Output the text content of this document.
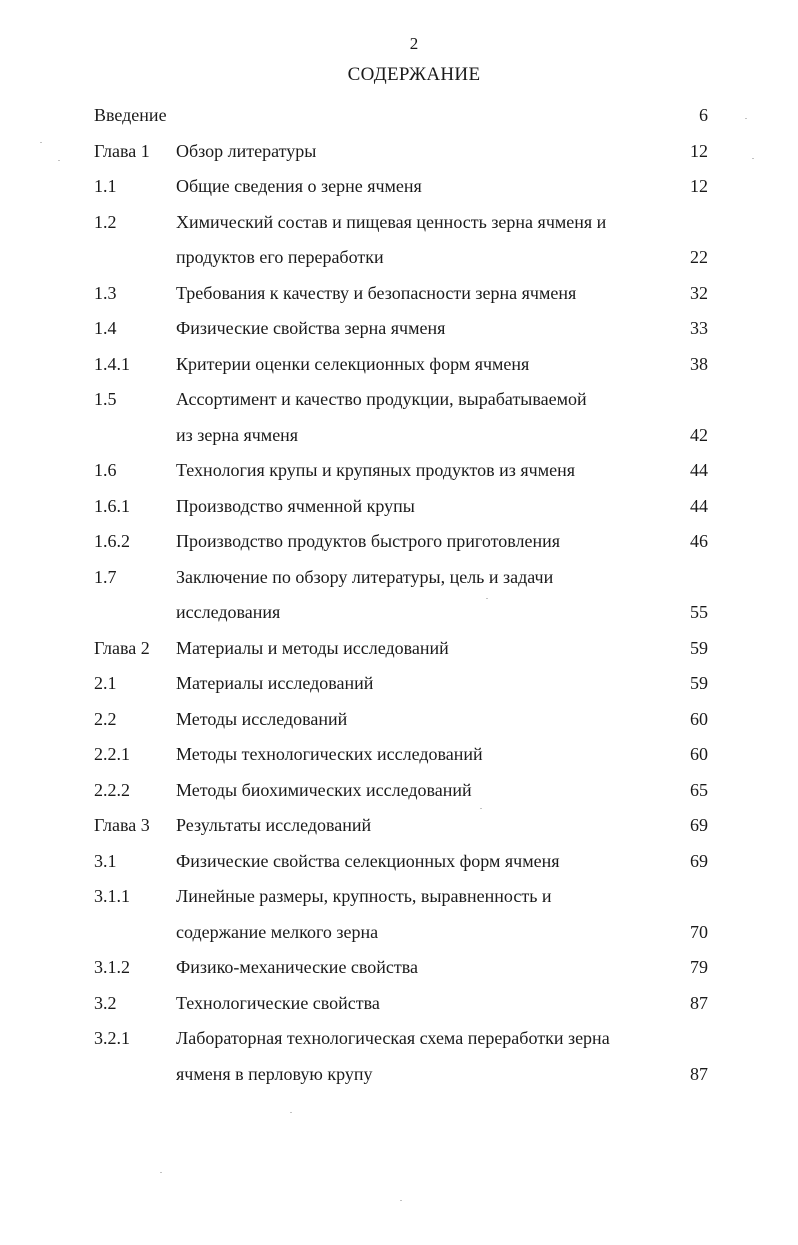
2
СОДЕРЖАНИЕ
Введение	6
Глава 1 Обзор литературы	12
1.1	Общие сведения о зерне ячменя	12
1.2	Химический состав и пищевая ценность зерна ячменя и
продуктов его переработки	22
1.3	Требования к качеству и безопасности зерна ячменя	32
1.4	Физические свойства зерна ячменя	33
1.4.1	Критерии оценки селекционных форм ячменя	38
1.5	Ассортимент и качество продукции, вырабатываемой
из зерна ячменя	42
1.6	Технология крупы и крупяных продуктов из ячменя	44
1.6.1	Производство ячменной крупы	44
1.6.2	Производство продуктов быстрого приготовления	46
1.7	Заключение по обзору литературы, цель и задачи
исследования	55
Глава 2 Материалы и методы исследований	59
2.1	Материалы исследований	59
2.2	Методы исследований	60
2.2.1	Методы технологических исследований	60
2.2.2	Методы биохимических исследований	65
Глава 3 Результаты исследований	69
3.1	Физические свойства селекционных форм ячменя	69
3.1.1	Линейные размеры, крупность, выравненность и
содержание мелкого зерна	70
3.1.2	Физико-механические свойства	79
3.2	Технологические свойства	87
3.2.1	Лабораторная технологическая схема переработки зерна
ячменя в перловую крупу	87
